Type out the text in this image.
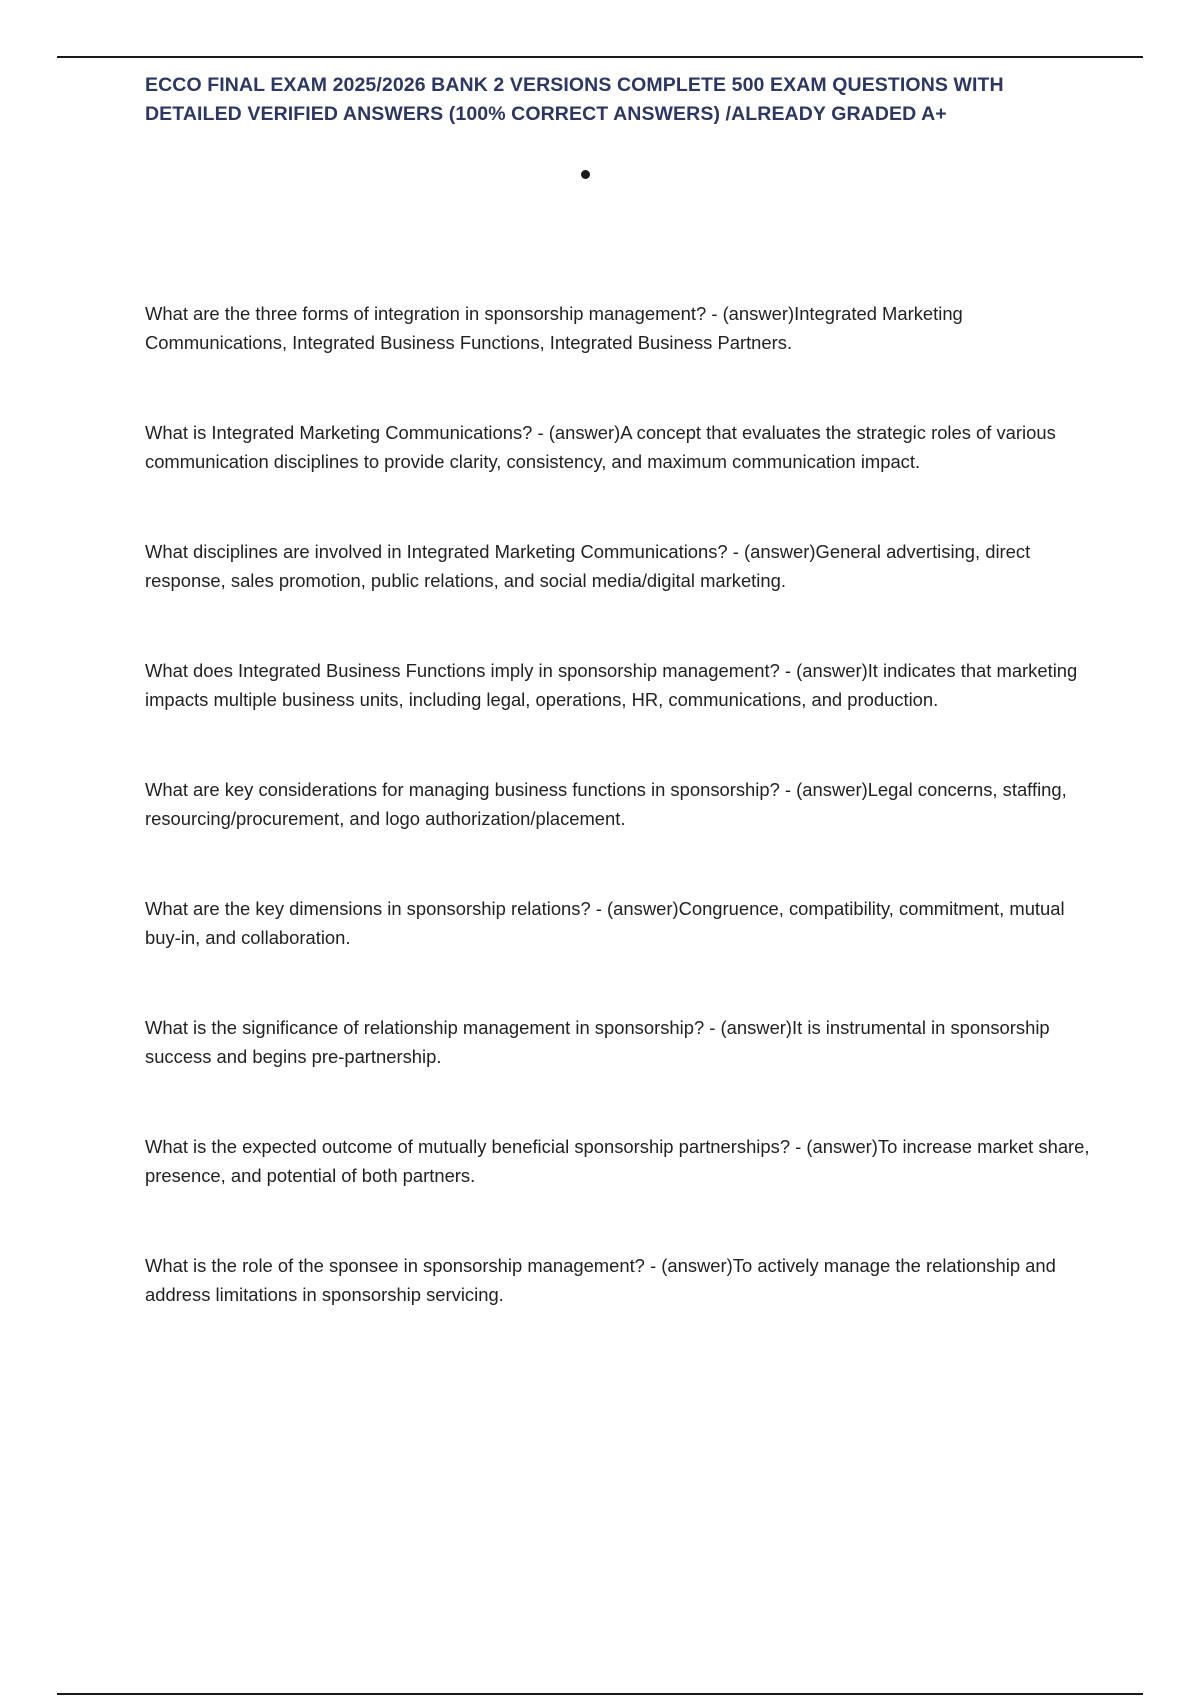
ECCO FINAL EXAM 2025/2026 BANK 2 VERSIONS COMPLETE 500 EXAM QUESTIONS WITH DETAILED VERIFIED ANSWERS (100% CORRECT ANSWERS) /ALREADY GRADED A+
What are the three forms of integration in sponsorship management? - (answer)Integrated Marketing Communications, Integrated Business Functions, Integrated Business Partners.
What is Integrated Marketing Communications? - (answer)A concept that evaluates the strategic roles of various communication disciplines to provide clarity, consistency, and maximum communication impact.
What disciplines are involved in Integrated Marketing Communications? - (answer)General advertising, direct response, sales promotion, public relations, and social media/digital marketing.
What does Integrated Business Functions imply in sponsorship management? - (answer)It indicates that marketing impacts multiple business units, including legal, operations, HR, communications, and production.
What are key considerations for managing business functions in sponsorship? - (answer)Legal concerns, staffing, resourcing/procurement, and logo authorization/placement.
What are the key dimensions in sponsorship relations? - (answer)Congruence, compatibility, commitment, mutual buy-in, and collaboration.
What is the significance of relationship management in sponsorship? - (answer)It is instrumental in sponsorship success and begins pre-partnership.
What is the expected outcome of mutually beneficial sponsorship partnerships? - (answer)To increase market share, presence, and potential of both partners.
What is the role of the sponsee in sponsorship management? - (answer)To actively manage the relationship and address limitations in sponsorship servicing.
